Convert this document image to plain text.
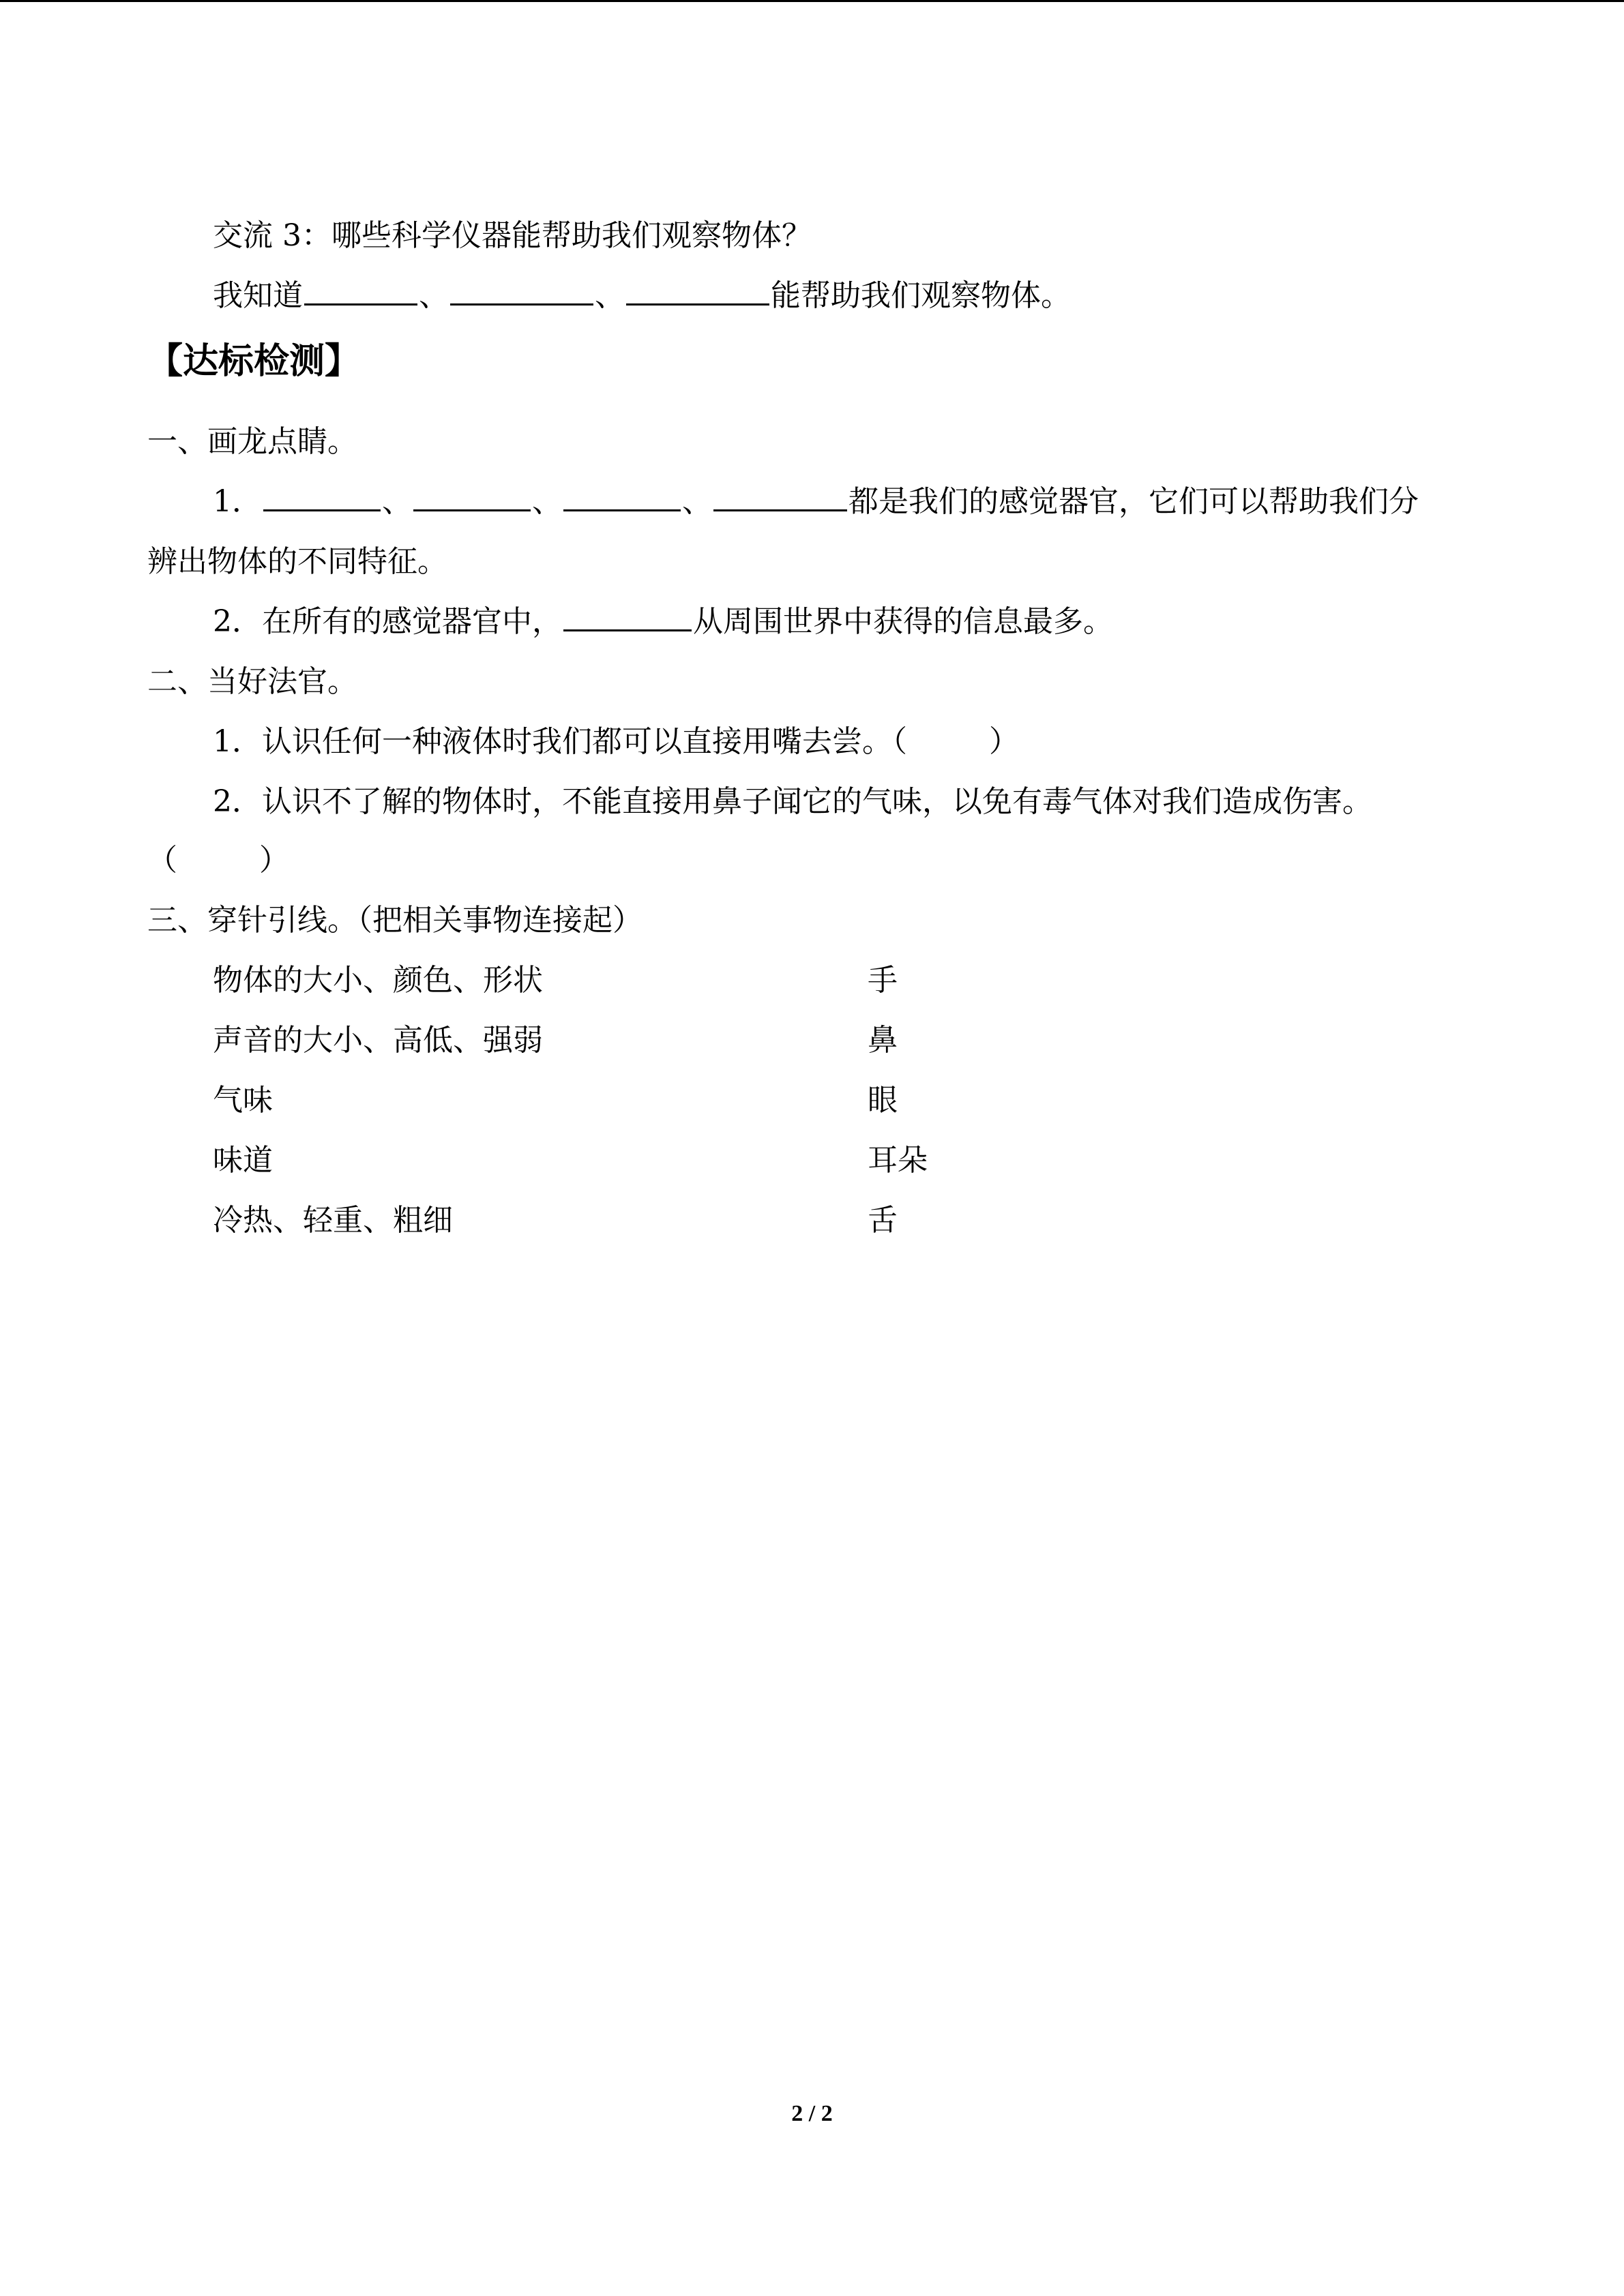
交流 3：哪些科学仪器能帮助我们观察物体？
我知道	、	、	能帮助我们观察物体。
【达标检测】
一、画龙点睛。
1．	、	、	、	都是我们的感觉器官，它们可以帮助我们分
辨出物体的不同特征。
2．在所有的感觉器官中，	从周围世界中获得的信息最多。
二、当好法官。
1．认识任何一种液体时我们都可以直接用嘴去尝。（	）
2．认识不了解的物体时，不能直接用鼻子闻它的气味，以免有毒气体对我们造成伤害。
（	）
三、穿针引线。（把相关事物连接起）
物体的大小、颜色、形状	手
声音的大小、高低、强弱	鼻
气味	眼
味道	耳朵
冷热、轻重、粗细	舌
2 / 2
